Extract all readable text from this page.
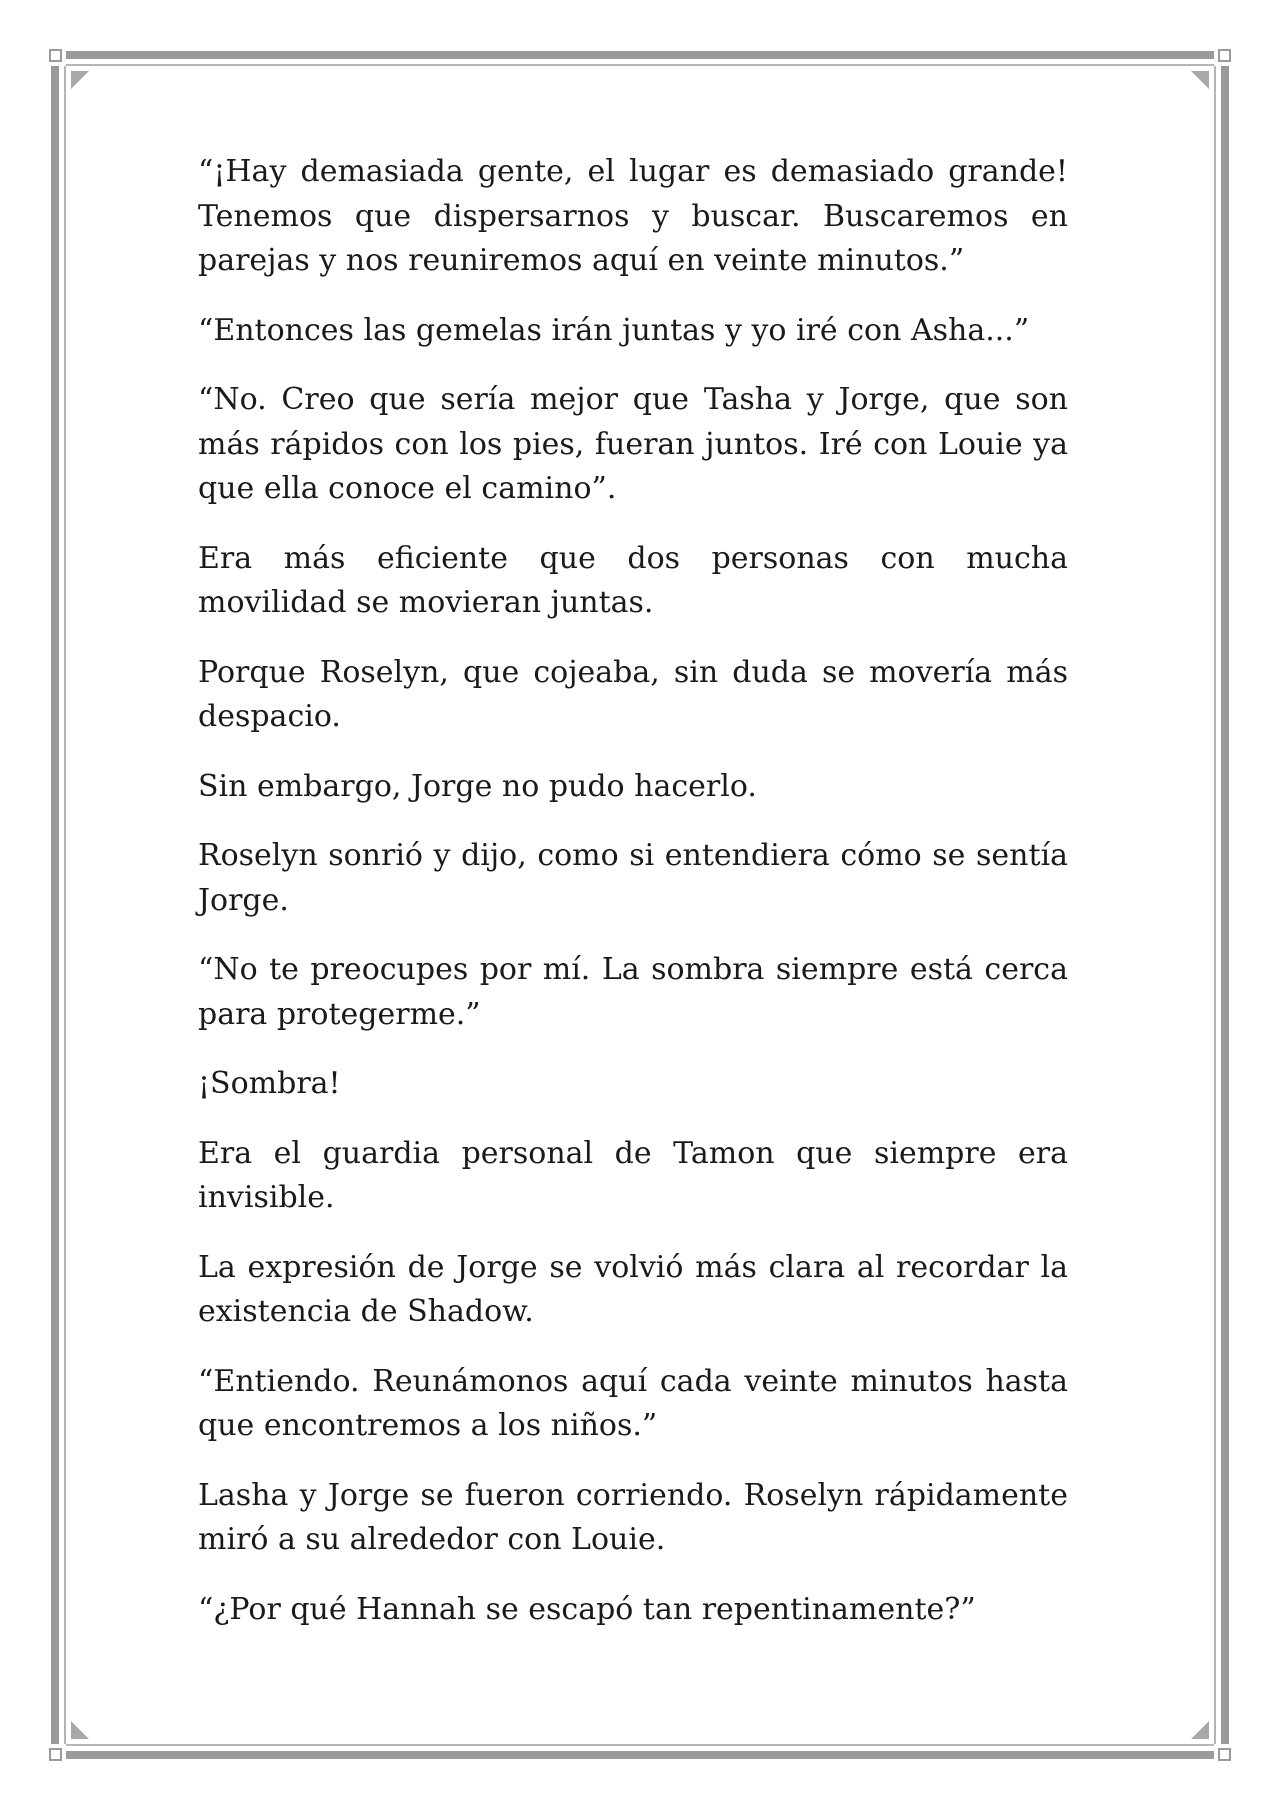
“¡Hay demasiada gente, el lugar es demasiado grande! Tenemos que dispersarnos y buscar. Buscaremos en parejas y nos reuniremos aquí en veinte minutos.”

“Entonces las gemelas irán juntas y yo iré con Asha...”

“No. Creo que sería mejor que Tasha y Jorge, que son más rápidos con los pies, fueran juntos. Iré con Louie ya que ella conoce el camino”.

Era más eficiente que dos personas con mucha movilidad se movieran juntas.

Porque Roselyn, que cojeaba, sin duda se movería más despacio.

Sin embargo, Jorge no pudo hacerlo.

Roselyn sonrió y dijo, como si entendiera cómo se sentía Jorge.

“No te preocupes por mí. La sombra siempre está cerca para protegerme.”

¡Sombra!

Era el guardia personal de Tamon que siempre era invisible.

La expresión de Jorge se volvió más clara al recordar la existencia de Shadow.

“Entiendo. Reunámonos aquí cada veinte minutos hasta que encontremos a los niños.”

Lasha y Jorge se fueron corriendo. Roselyn rápidamente miró a su alrededor con Louie.

“¿Por qué Hannah se escapó tan repentinamente?”
